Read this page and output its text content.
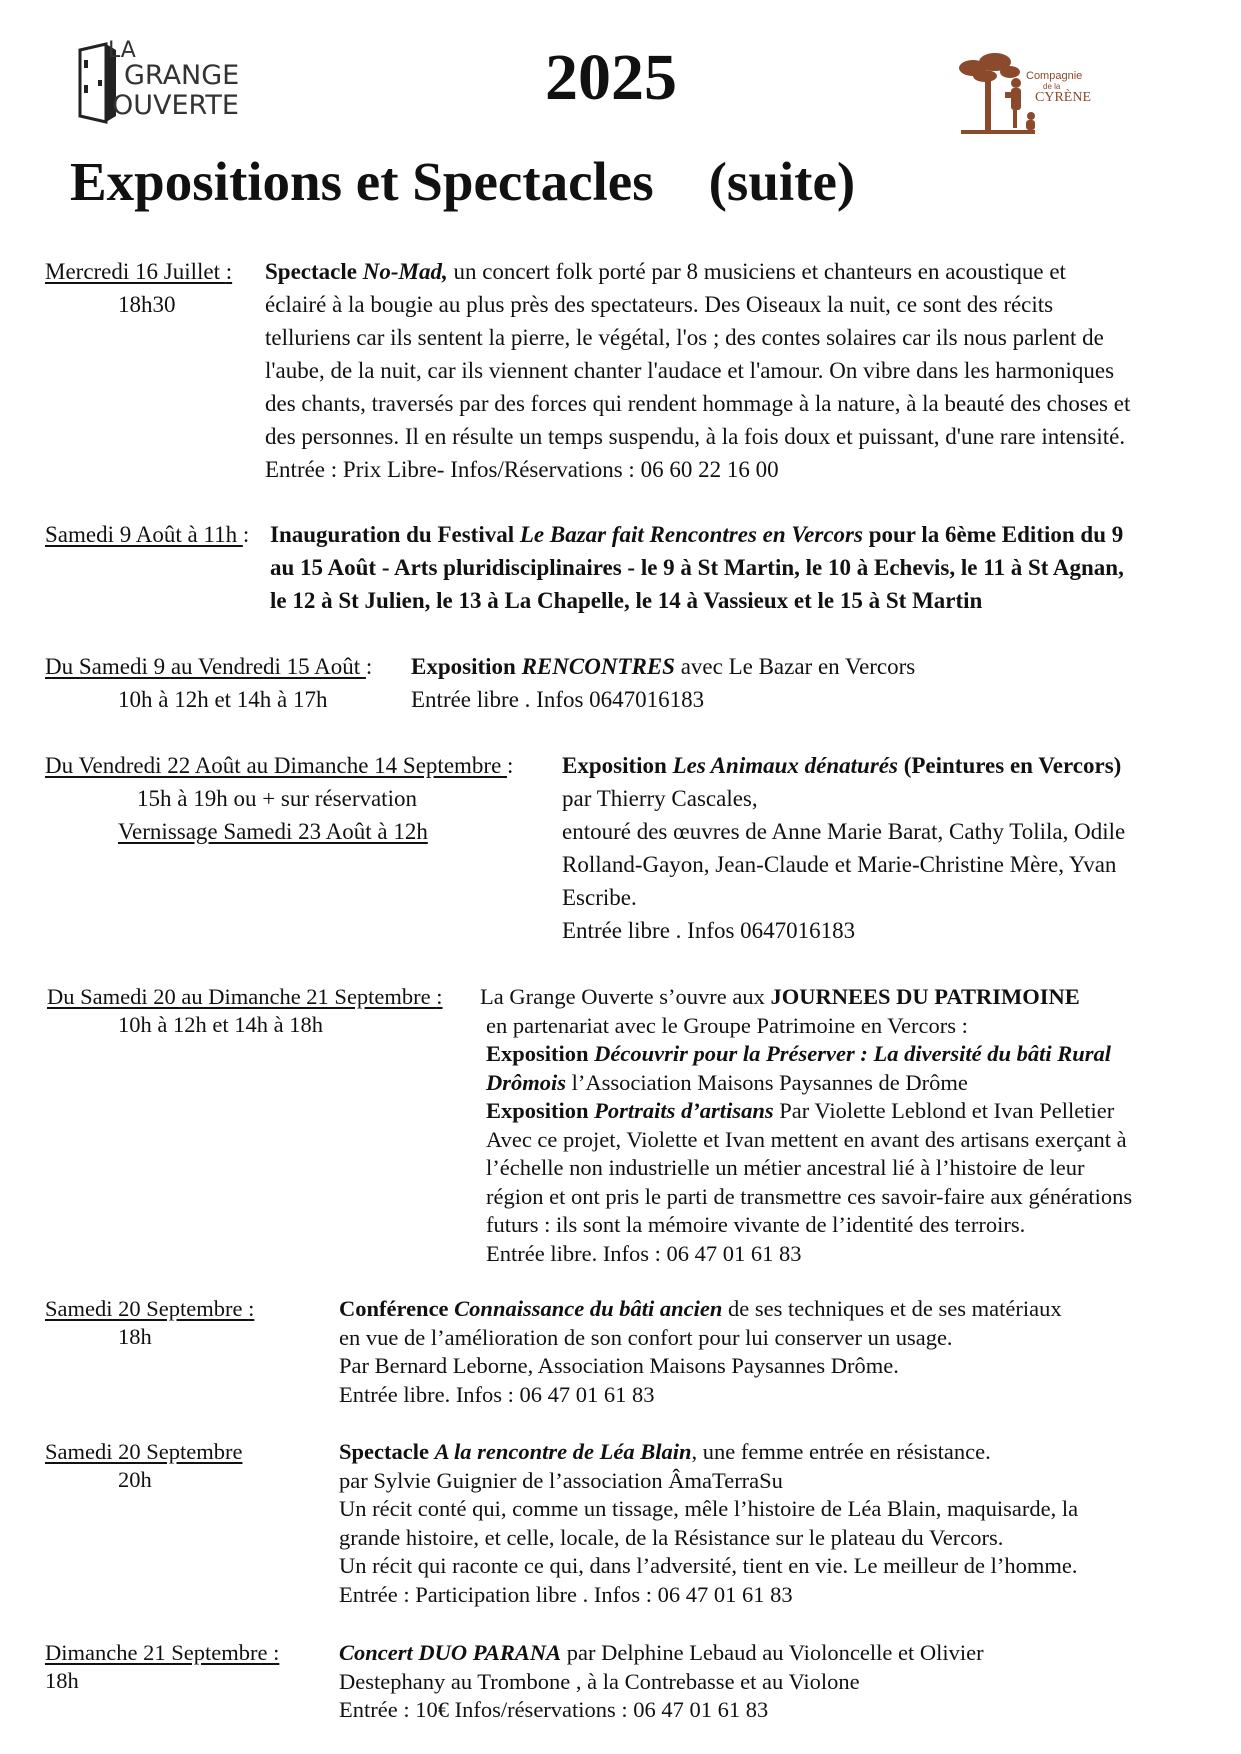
LA
GRANGE
OUVERTE	2025	Compagnie
de la
CYRÈNE
Expositions et Spectacles    (suite)
Mercredi 16 Juillet :
18h30
Spectacle No-Mad, un concert folk porté par 8 musiciens et chanteurs en acoustique et
éclairé à la bougie au plus près des spectateurs. Des Oiseaux la nuit, ce sont des récits
telluriens car ils sentent la pierre, le végétal, l'os ; des contes solaires car ils nous parlent de
l'aube, de la nuit, car ils viennent chanter l'audace et l'amour. On vibre dans les harmoniques
des chants, traversés par des forces qui rendent hommage à la nature, à la beauté des choses et
des personnes. Il en résulte un temps suspendu, à la fois doux et puissant, d'une rare intensité.
Entrée : Prix Libre- Infos/Réservations : 06 60 22 16 00
Samedi 9 Août à 11h : Inauguration du Festival Le Bazar fait Rencontres en Vercors pour la 6ème Edition du 9
au 15 Août - Arts pluridisciplinaires - le 9 à St Martin, le 10 à Echevis, le 11 à St Agnan,
le 12 à St Julien, le 13 à La Chapelle, le 14 à Vassieux et le 15 à St Martin
Du Samedi 9 au Vendredi 15 Août : Exposition RENCONTRES avec Le Bazar en Vercors
10h à 12h et 14h à 17h	Entrée libre . Infos 0647016183
Du Vendredi 22 Août au Dimanche 14 Septembre :
15h à 19h ou + sur réservation
Vernissage Samedi 23 Août à 12h
Exposition Les Animaux dénaturés (Peintures en Vercors)
par Thierry Cascales,
entouré des œuvres de Anne Marie Barat, Cathy Tolila, Odile
Rolland-Gayon, Jean-Claude et Marie-Christine Mère, Yvan
Escribe.
Entrée libre . Infos 0647016183
Du Samedi 20 au Dimanche 21 Septembre :
10h à 12h et 14h à 18h
La Grange Ouverte s’ouvre aux JOURNEES DU PATRIMOINE
en partenariat avec le Groupe Patrimoine en Vercors :
Exposition Découvrir pour la Préserver : La diversité du bâti Rural
Drômois l’Association Maisons Paysannes de Drôme
Exposition Portraits d’artisans Par Violette Leblond et Ivan Pelletier
Avec ce projet, Violette et Ivan mettent en avant des artisans exerçant à
l’échelle non industrielle un métier ancestral lié à l’histoire de leur
région et ont pris le parti de transmettre ces savoir-faire aux générations
futurs : ils sont la mémoire vivante de l’identité des terroirs.
Entrée libre. Infos : 06 47 01 61 83
Samedi 20 Septembre :
18h
Conférence Connaissance du bâti ancien de ses techniques et de ses matériaux
en vue de l’amélioration de son confort pour lui conserver un usage.
Par Bernard Leborne, Association Maisons Paysannes Drôme.
Entrée libre. Infos : 06 47 01 61 83
Samedi 20 Septembre
20h
Spectacle A la rencontre de Léa Blain, une femme entrée en résistance.
par Sylvie Guignier de l’association ÂmaTerraSu
Un récit conté qui, comme un tissage, mêle l’histoire de Léa Blain, maquisarde, la
grande histoire, et celle, locale, de la Résistance sur le plateau du Vercors.
Un récit qui raconte ce qui, dans l’adversité, tient en vie. Le meilleur de l’homme.
Entrée : Participation libre . Infos : 06 47 01 61 83
Dimanche 21 Septembre :
18h
Concert DUO PARANA par Delphine Lebaud au Violoncelle et Olivier
Destephany au Trombone , à la Contrebasse et au Violone
Entrée : 10€ Infos/réservations : 06 47 01 61 83
